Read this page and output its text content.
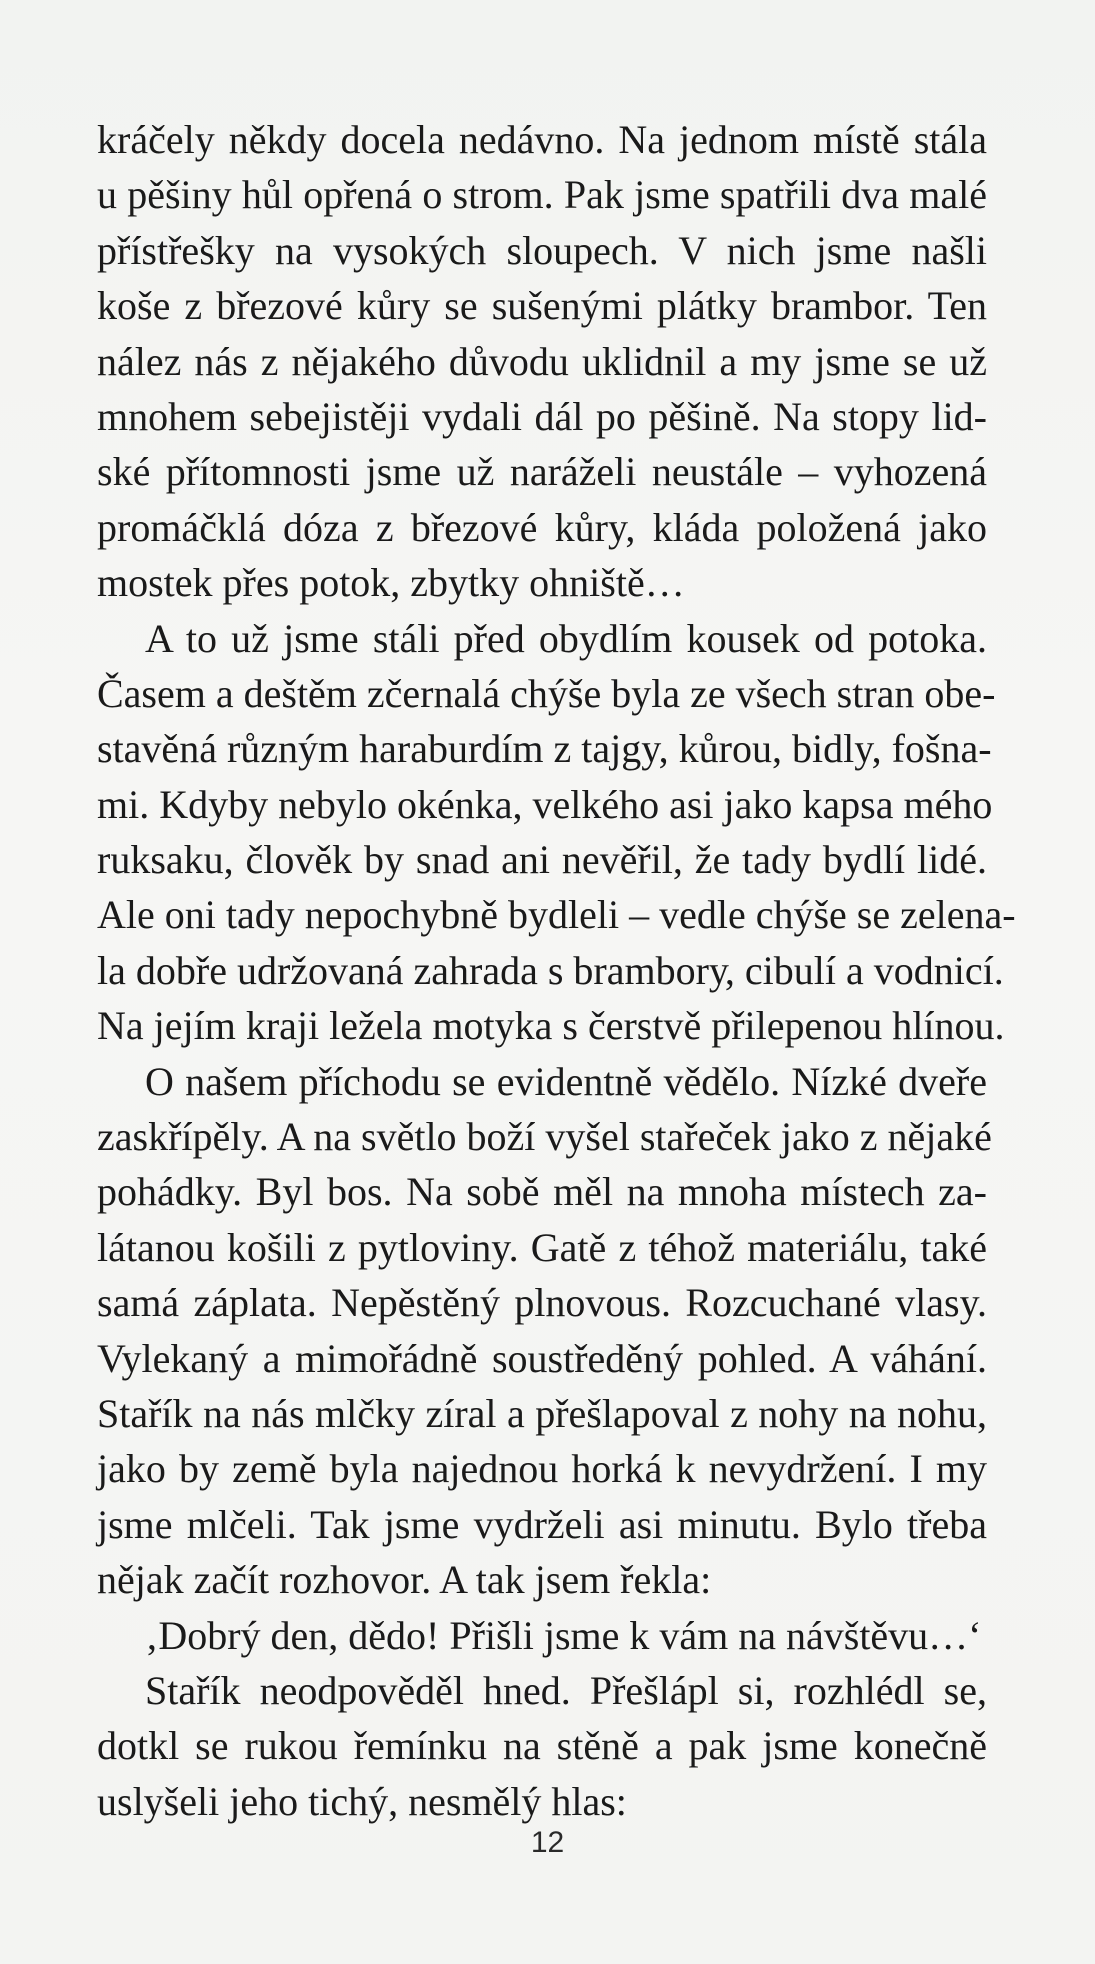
kráčely někdy docela nedávno. Na jednom místě stála
u pěšiny hůl opřená o strom. Pak jsme spatřili dva malé
přístřešky na vysokých sloupech. V nich jsme našli
koše z březové kůry se sušenými plátky brambor. Ten
nález nás z nějakého důvodu uklidnil a my jsme se už
mnohem sebejistěji vydali dál po pěšině. Na stopy lid-
ské přítomnosti jsme už naráželi neustále – vyhozená
promáčklá dóza z březové kůry, kláda položená jako
mostek přes potok, zbytky ohniště…
A to už jsme stáli před obydlím kousek od potoka.
Časem a deštěm zčernalá chýše byla ze všech stran obe-
stavěná různým haraburdím z tajgy, kůrou, bidly, fošna-
mi. Kdyby nebylo okénka, velkého asi jako kapsa mého
ruksaku, člověk by snad ani nevěřil, že tady bydlí lidé.
Ale oni tady nepochybně bydleli – vedle chýše se zelena-
la dobře udržovaná zahrada s bramborу, cibulí a vodnicí.
Na jejím kraji ležela motyka s čerstvě přilepenou hlínou.
O našem příchodu se evidentně vědělo. Nízké dveře
zaskřípěly. A na světlo boží vyšel stařeček jako z nějaké
pohádky. Byl bos. Na sobě měl na mnoha místech za-
látanou košili z pytloviny. Gatě z téhož materiálu, také
samá záplata. Nepěstěný plnovous. Rozcuchané vlasy.
Vylekaný a mimořádně soustředěný pohled. A váhání.
Stařík na nás mlčky zíral a přešlapoval z nohy na nohu,
jako by země byla najednou horká k nevydržení. I my
jsme mlčeli. Tak jsme vydrželi asi minutu. Bylo třeba
nějak začít rozhovor. A tak jsem řekla:
‚Dobrý den, dědo! Přišli jsme k vám na návštěvu…‘
Stařík neodpověděl hned. Přešlápl si, rozhlédl se,
dotkl se rukou řemínku na stěně a pak jsme konečně
uslyšeli jeho tichý, nesmělý hlas:
12
